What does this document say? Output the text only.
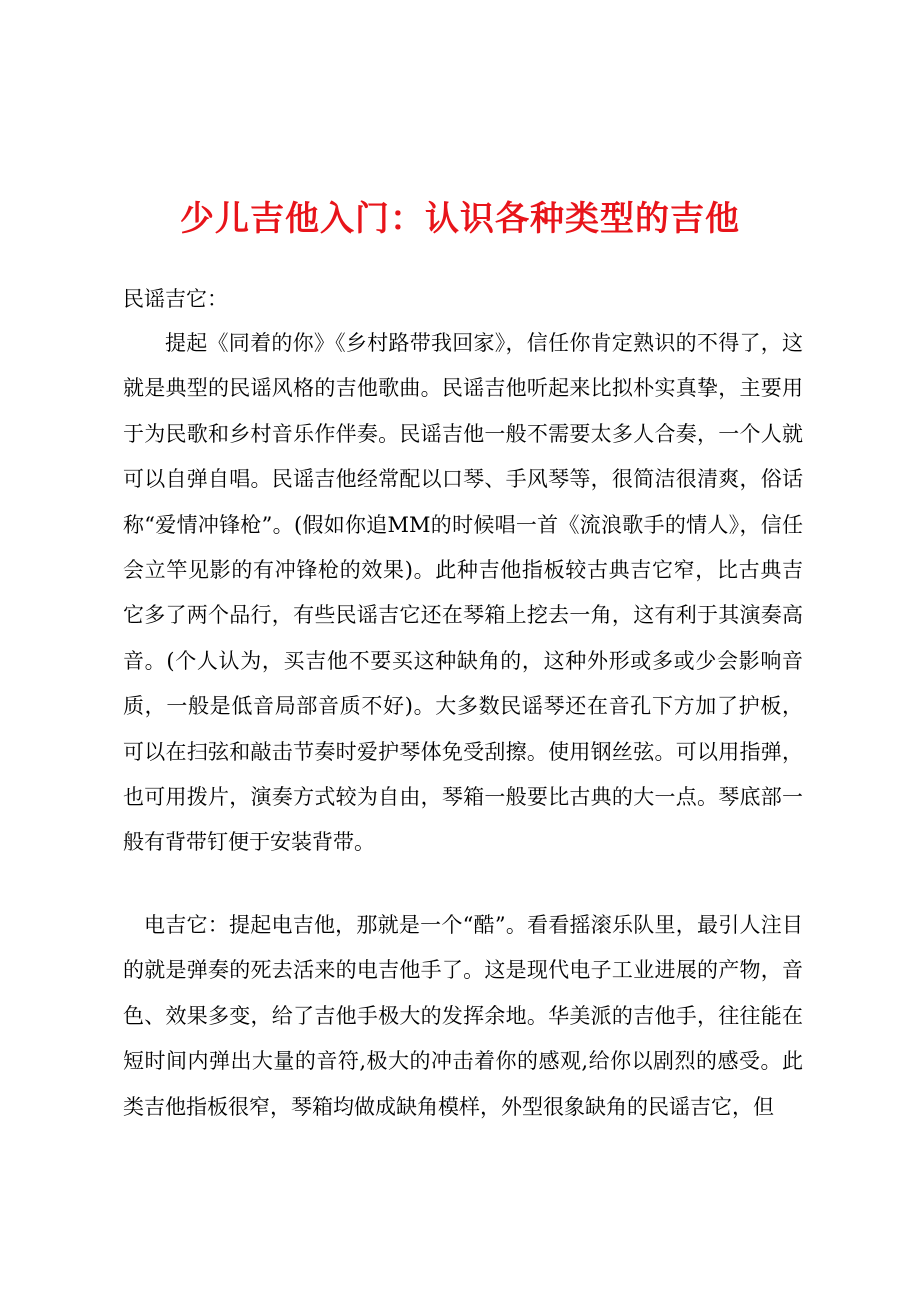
少儿吉他入门：认识各种类型的吉他

民谣吉它：

提起《同着的你》《乡村路带我回家》，信任你肯定熟识的不得了，这就是典型的民谣风格的吉他歌曲。民谣吉他听起来比拟朴实真挚，主要用于为民歌和乡村音乐作伴奏。民谣吉他一般不需要太多人合奏，一个人就可以自弹自唱。民谣吉他经常配以口琴、手风琴等，很简洁很清爽，俗话称“爱情冲锋枪”。(假如你追MM的时候唱一首《流浪歌手的情人》，信任会立竿见影的有冲锋枪的效果)。此种吉他指板较古典吉它窄，比古典吉它多了两个品行，有些民谣吉它还在琴箱上挖去一角，这有利于其演奏高音。(个人认为，买吉他不要买这种缺角的，这种外形或多或少会影响音质，一般是低音局部音质不好)。大多数民谣琴还在音孔下方加了护板，可以在扫弦和敲击节奏时爱护琴体免受刮擦。使用钢丝弦。可以用指弹，也可用拨片，演奏方式较为自由，琴箱一般要比古典的大一点。琴底部一般有背带钉便于安装背带。

电吉它：提起电吉他，那就是一个“酷”。看看摇滚乐队里，最引人注目的就是弹奏的死去活来的电吉他手了。这是现代电子工业进展的产物，音色、效果多变，给了吉他手极大的发挥余地。华美派的吉他手，往往能在短时间内弹出大量的音符,极大的冲击着你的感观,给你以剧烈的感受。此类吉他指板很窄，琴箱均做成缺角模样，外型很象缺角的民谣吉它，但
